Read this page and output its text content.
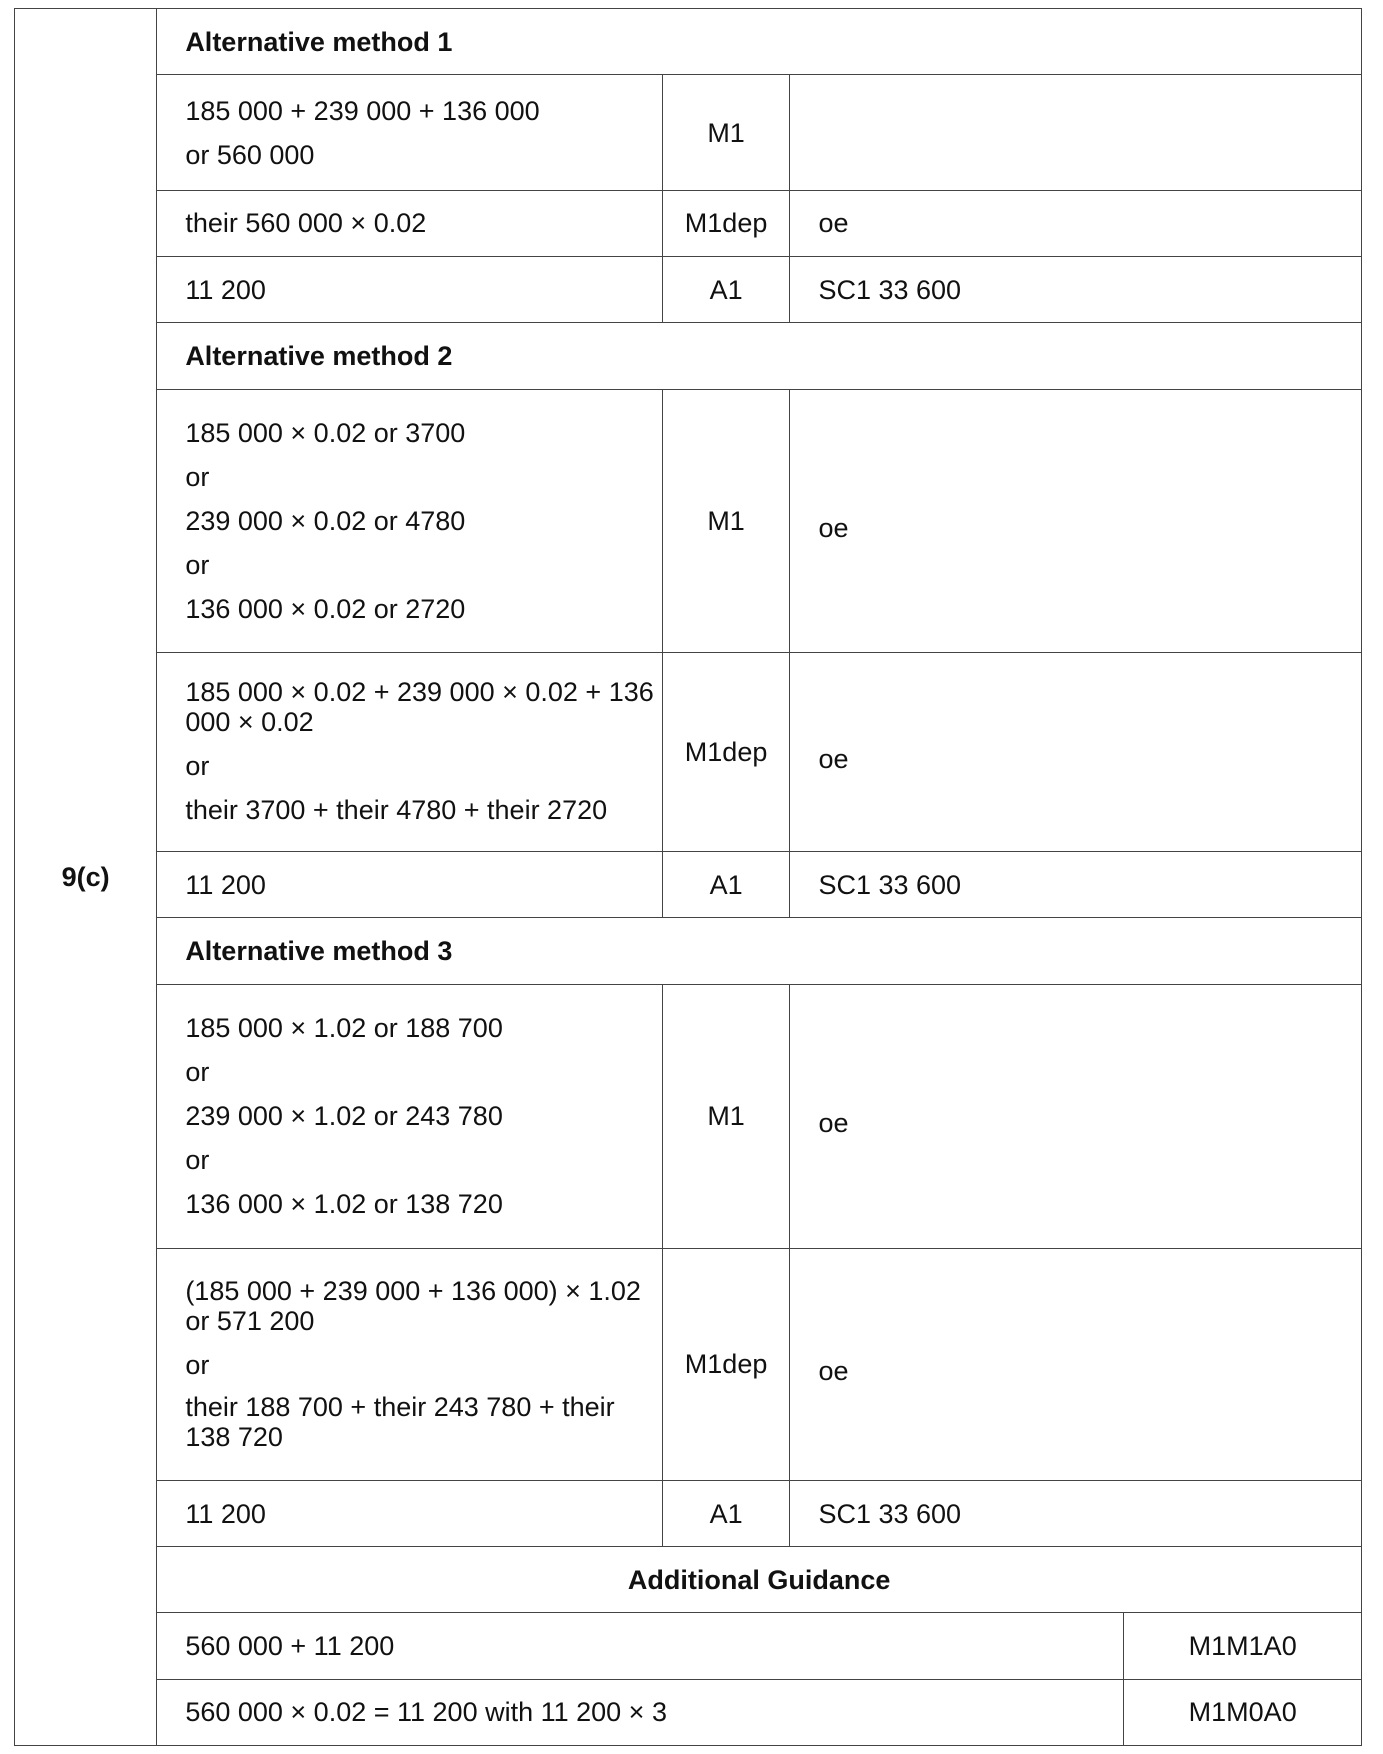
9(c)	Alternative method 1			

	185 000 + 239 000 + 136 000
or 560 000	M1		
	their 560 000 × 0.02	M1dep	oe	
	11 200	A1	SC1 33 600	
	Alternative method 2			

	185 000 × 0.02 or 3700
or
239 000 × 0.02 or 4780
or
136 000 × 0.02 or 2720	M1	oe	

	185 000 × 0.02 + 239 000 × 0.02 + 136 000 × 0.02
or
their 3700 + their 4780 + their 2720	M1dep	oe	
	11 200	A1	SC1 33 600	
	Alternative method 3			

	185 000 × 1.02 or 188 700
or
239 000 × 1.02 or 243 780
or
136 000 × 1.02 or 138 720	M1	oe	

	(185 000 + 239 000 + 136 000) × 1.02 or 571 200
or
their 188 700 + their 243 780 + their 138 720	M1dep	oe	
	11 200	A1	SC1 33 600	
	Additional Guidance			
	560 000 + 11 200			M1M1A0
	560 000 × 0.02 = 11 200 with 11 200 × 3			M1M0A0
